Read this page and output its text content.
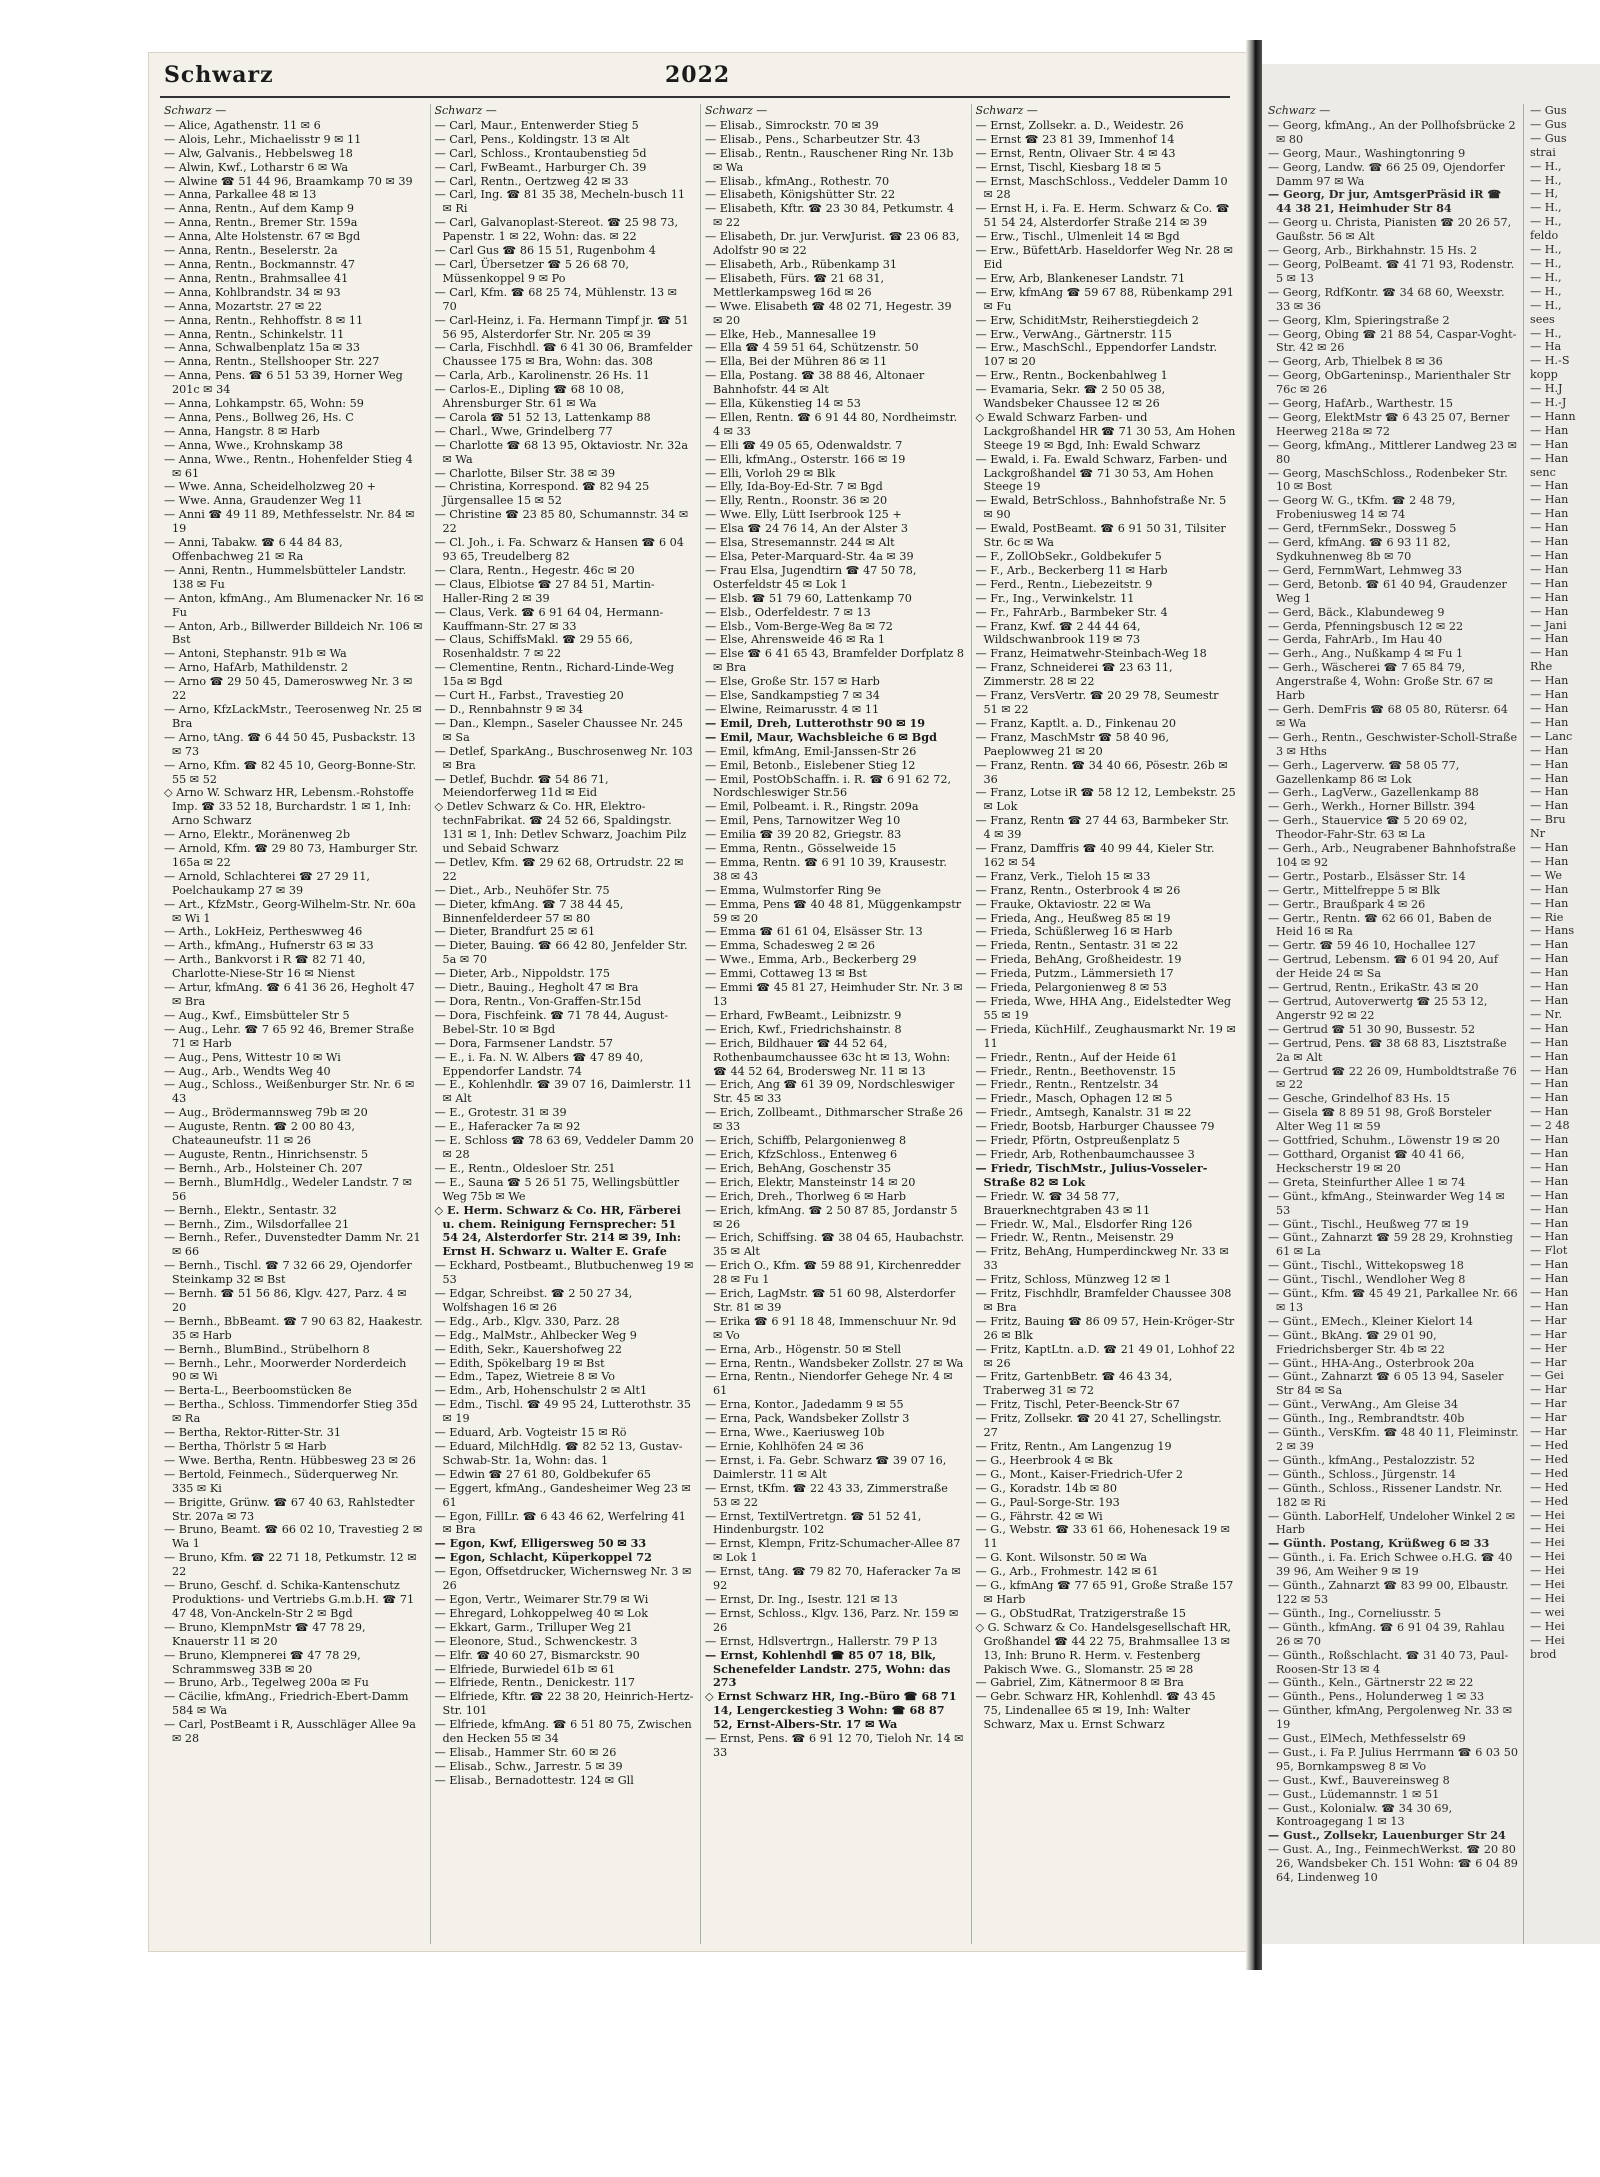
Schwarz	2022
Schwarz —
— Alice, Agathenstr. 11 ✉ 6
— Alois, Lehr., Michaelisstr 9 ✉ 11
— Alw, Galvanis., Hebbelsweg 18
— Alwin, Kwf., Lotharstr 6 ✉ Wa
— Alwine ☎ 51 44 96, Braamkamp 70 ✉ 39
— Anna, Parkallee 48 ✉ 13
— Anna, Rentn., Auf dem Kamp 9
— Anna, Rentn., Bremer Str. 159a
— Anna, Alte Holstenstr. 67 ✉ Bgd
— Anna, Rentn., Beselerstr. 2a
— Anna, Rentn., Bockmannstr. 47
— Anna, Rentn., Brahmsallee 41
— Anna, Kohlbrandstr. 34 ✉ 93
— Anna, Mozartstr. 27 ✉ 22
— Anna, Rentn., Rehhoffstr. 8 ✉ 11
— Anna, Rentn., Schinkelstr. 11
— Anna, Schwalbenplatz 15a ✉ 33
— Anna, Rentn., Stellshooper Str. 227
— Anna, Pens. ☎ 6 51 53 39, Horner Weg 201c ✉ 34
— Anna, Lohkampstr. 65, Wohn: 59
— Anna, Pens., Bollweg 26, Hs. C
— Anna, Hangstr. 8 ✉ Harb
— Anna, Wwe., Krohnskamp 38
— Anna, Wwe., Rentn., Hohenfelder Stieg 4 ✉ 61
— Wwe. Anna, Scheidelholzweg 20 +
— Wwe. Anna, Graudenzer Weg 11
— Anni ☎ 49 11 89, Methfesselstr. Nr. 84 ✉ 19
— Anni, Tabakw. ☎ 6 44 84 83, Offenbachweg 21 ✉ Ra
— Anni, Rentn., Hummelsbütteler Landstr. 138 ✉ Fu
— Anton, kfmAng., Am Blumenacker Nr. 16 ✉ Fu
— Anton, Arb., Billwerder Billdeich Nr. 106 ✉ Bst
— Antoni, Stephanstr. 91b ✉ Wa
— Arno, HafArb, Mathildenstr. 2
— Arno ☎ 29 50 45, Dameroswweg Nr. 3 ✉ 22
— Arno, KfzLackMstr., Teerosenweg Nr. 25 ✉ Bra
— Arno, tAng. ☎ 6 44 50 45, Pusbackstr. 13 ✉ 73
— Arno, Kfm. ☎ 82 45 10, Georg-Bonne-Str. 55 ✉ 52
◇ Arno W. Schwarz HR, Lebensm.-Rohstoffe Imp. ☎ 33 52 18, Burchardstr. 1 ✉ 1, Inh: Arno Schwarz
— Arno, Elektr., Moränenweg 2b
— Arnold, Kfm. ☎ 29 80 73, Hamburger Str. 165a ✉ 22
— Arnold, Schlachterei ☎ 27 29 11, Poelchaukamp 27 ✉ 39
— Art., KfzMstr., Georg-Wilhelm-Str. Nr. 60a ✉ Wi 1
— Arth., LokHeiz, Pertheswweg 46
— Arth., kfmAng., Hufnerstr 63 ✉ 33
— Arth., Bankvorst i R ☎ 82 71 40, Charlotte-Niese-Str 16 ✉ Nienst
— Artur, kfmAng. ☎ 6 41 36 26, Hegholt 47 ✉ Bra
— Aug., Kwf., Eimsbütteler Str 5
— Aug., Lehr. ☎ 7 65 92 46, Bremer Straße 71 ✉ Harb
— Aug., Pens, Wittestr 10 ✉ Wi
— Aug., Arb., Wendts Weg 40
— Aug., Schloss., Weißenburger Str. Nr. 6 ✉ 43
— Aug., Brödermannsweg 79b ✉ 20
— Auguste, Rentn. ☎ 2 00 80 43, Chateauneufstr. 11 ✉ 26
— Auguste, Rentn., Hinrichsenstr. 5
— Bernh., Arb., Holsteiner Ch. 207
— Bernh., BlumHdlg., Wedeler Landstr. 7 ✉ 56
— Bernh., Elektr., Sentastr. 32
— Bernh., Zim., Wilsdorfallee 21
— Bernh., Refer., Duvenstedter Damm Nr. 21 ✉ 66
— Bernh., Tischl. ☎ 7 32 66 29, Ojendorfer Steinkamp 32 ✉ Bst
— Bernh. ☎ 51 56 86, Klgv. 427, Parz. 4 ✉ 20
— Bernh., BbBeamt. ☎ 7 90 63 82, Haakestr. 35 ✉ Harb
— Bernh., BlumBind., Strübelhorn 8
— Bernh., Lehr., Moorwerder Norderdeich 90 ✉ Wi
— Berta-L., Beerboomstücken 8e
— Bertha., Schloss. Timmendorfer Stieg 35d ✉ Ra
— Bertha, Rektor-Ritter-Str. 31
— Bertha, Thörlstr 5 ✉ Harb
— Wwe. Bertha, Rentn. Hübbesweg 23 ✉ 26
— Bertold, Feinmech., Süderquerweg Nr. 335 ✉ Ki
— Brigitte, Grünw. ☎ 67 40 63, Rahlstedter Str. 207a ✉ 73
— Bruno, Beamt. ☎ 66 02 10, Travestieg 2 ✉ Wa 1
— Bruno, Kfm. ☎ 22 71 18, Petkumstr. 12 ✉ 22
— Bruno, Geschf. d. Schika-Kantenschutz Produktions- und Vertriebs G.m.b.H. ☎ 71 47 48, Von-Anckeln-Str 2 ✉ Bgd
— Bruno, KlempnMstr ☎ 47 78 29, Knauerstr 11 ✉ 20
— Bruno, Klempnerei ☎ 47 78 29, Schrammsweg 33B ✉ 20
— Bruno, Arb., Tegelweg 200a ✉ Fu
— Cäcilie, kfmAng., Friedrich-Ebert-Damm 584 ✉ Wa
— Carl, PostBeamt i R, Ausschläger Allee 9a ✉ 28
Schwarz —
— Carl, Maur., Entenwerder Stieg 5
— Carl, Pens., Koldingstr. 13 ✉ Alt
— Carl, Schloss., Krontaubenstieg 5d
— Carl, FwBeamt., Harburger Ch. 39
— Carl, Rentn., Oertzweg 42 ✉ 33
— Carl, Ing. ☎ 81 35 38, Mecheln-busch 11 ✉ Ri
— Carl, Galvanoplast-Stereot. ☎ 25 98 73, Papenstr. 1 ✉ 22, Wohn: das. ✉ 22
— Carl Gus ☎ 86 15 51, Rugenbohm 4
— Carl, Übersetzer ☎ 5 26 68 70, Müssenkoppel 9 ✉ Po
— Carl, Kfm. ☎ 68 25 74, Mühlenstr. 13 ✉ 70
— Carl-Heinz, i. Fa. Hermann Timpf jr. ☎ 51 56 95, Alsterdorfer Str. Nr. 205 ✉ 39
— Carla, Fischhdl. ☎ 6 41 30 06, Bramfelder Chaussee 175 ✉ Bra, Wohn: das. 308
— Carla, Arb., Karolinenstr. 26 Hs. 11
— Carlos-E., Dipling ☎ 68 10 08, Ahrensburger Str. 61 ✉ Wa
— Carola ☎ 51 52 13, Lattenkamp 88
— Charl., Wwe, Grindelberg 77
— Charlotte ☎ 68 13 95, Oktaviostr. Nr. 32a ✉ Wa
— Charlotte, Bilser Str. 38 ✉ 39
— Christina, Korrespond. ☎ 82 94 25 Jürgensallee 15 ✉ 52
— Christine ☎ 23 85 80, Schumannstr. 34 ✉ 22
— Cl. Joh., i. Fa. Schwarz & Hansen ☎ 6 04 93 65, Treudelberg 82
— Clara, Rentn., Hegestr. 46c ✉ 20
— Claus, Elbiotse ☎ 27 84 51, Martin-Haller-Ring 2 ✉ 39
— Claus, Verk. ☎ 6 91 64 04, Hermann-Kauffmann-Str. 27 ✉ 33
— Claus, SchiffsMakl. ☎ 29 55 66, Rosenhaldstr. 7 ✉ 22
— Clementine, Rentn., Richard-Linde-Weg 15a ✉ Bgd
— Curt H., Farbst., Travestieg 20
— D., Rennbahnstr 9 ✉ 34
— Dan., Klempn., Saseler Chaussee Nr. 245 ✉ Sa
— Detlef, SparkAng., Buschrosenweg Nr. 103 ✉ Bra
— Detlef, Buchdr. ☎ 54 86 71, Meiendorferweg 11d ✉ Eid
◇ Detlev Schwarz & Co. HR, Elektro-technFabrikat. ☎ 24 52 66, Spaldingstr. 131 ✉ 1, Inh: Detlev Schwarz, Joachim Pilz und Sebaid Schwarz
— Detlev, Kfm. ☎ 29 62 68, Ortrudstr. 22 ✉ 22
— Diet., Arb., Neuhöfer Str. 75
— Dieter, kfmAng. ☎ 7 38 44 45, Binnenfelderdeer 57 ✉ 80
— Dieter, Brandfurt 25 ✉ 61
— Dieter, Bauing. ☎ 66 42 80, Jenfelder Str. 5a ✉ 70
— Dieter, Arb., Nippoldstr. 175
— Dietr., Bauing., Hegholt 47 ✉ Bra
— Dora, Rentn., Von-Graffen-Str.15d
— Dora, Fischfeink. ☎ 71 78 44, August-Bebel-Str. 10 ✉ Bgd
— Dora, Farmsener Landstr. 57
— E., i. Fa. N. W. Albers ☎ 47 89 40, Eppendorfer Landstr. 74
— E., Kohlenhdlr. ☎ 39 07 16, Daimlerstr. 11 ✉ Alt
— E., Grotestr. 31 ✉ 39
— E., Haferacker 7a ✉ 92
— E. Schloss ☎ 78 63 69, Veddeler Damm 20 ✉ 28
— E., Rentn., Oldesloer Str. 251
— E., Sauna ☎ 5 26 51 75, Wellingsbüttler Weg 75b ✉ We
◇ E. Herm. Schwarz & Co. HR, Färberei u. chem. Reinigung Fernsprecher: 51 54 24, Alsterdorfer Str. 214 ✉ 39, Inh: Ernst H. Schwarz u. Walter E. Grafe
— Eckhard, Postbeamt., Blutbuchenweg 19 ✉ 53
— Edgar, Schreibst. ☎ 2 50 27 34, Wolfshagen 16 ✉ 26
— Edg., Arb., Klgv. 330, Parz. 28
— Edg., MalMstr., Ahlbecker Weg 9
— Edith, Sekr., Kauershofweg 22
— Edith, Spökelbarg 19 ✉ Bst
— Edm., Tapez, Wietreie 8 ✉ Vo
— Edm., Arb, Hohenschulstr 2 ✉ Alt1
— Edm., Tischl. ☎ 49 95 24, Lutterothstr. 35 ✉ 19
— Eduard, Arb. Vogteistr 15 ✉ Rö
— Eduard, MilchHdlg. ☎ 82 52 13, Gustav-Schwab-Str. 1a, Wohn: das. 1
— Edwin ☎ 27 61 80, Goldbekufer 65
— Eggert, kfmAng., Gandesheimer Weg 23 ✉ 61
— Egon, FillLr. ☎ 6 43 46 62, Werfelring 41 ✉ Bra
— Egon, Kwf, Elligersweg 50 ✉ 33
— Egon, Schlacht, Küperkoppel 72
— Egon, Offsetdrucker, Wichernsweg Nr. 3 ✉ 26
— Egon, Vertr., Weimarer Str.79 ✉ Wi
— Ehregard, Lohkoppelweg 40 ✉ Lok
— Ekkart, Garm., Trilluper Weg 21
— Eleonore, Stud., Schwenckestr. 3
— Elfr. ☎ 40 60 27, Bismarckstr. 90
— Elfriede, Burwiedel 61b ✉ 61
— Elfriede, Rentn., Denickestr. 117
— Elfriede, Kftr. ☎ 22 38 20, Heinrich-Hertz-Str. 101
— Elfriede, kfmAng. ☎ 6 51 80 75, Zwischen den Hecken 55 ✉ 34
— Elisab., Hammer Str. 60 ✉ 26
— Elisab., Schw., Jarrestr. 5 ✉ 39
— Elisab., Bernadottestr. 124 ✉ Gll
Schwarz —
— Elisab., Simrockstr. 70 ✉ 39
— Elisab., Pens., Scharbeutzer Str. 43
— Elisab., Rentn., Rauschener Ring Nr. 13b ✉ Wa
— Elisab., kfmAng., Rothestr. 70
— Elisabeth, Königshütter Str. 22
— Elisabeth, Kftr. ☎ 23 30 84, Petkumstr. 4 ✉ 22
— Elisabeth, Dr. jur. VerwJurist. ☎ 23 06 83, Adolfstr 90 ✉ 22
— Elisabeth, Arb., Rübenkamp 31
— Elisabeth, Fürs. ☎ 21 68 31, Mettlerkampsweg 16d ✉ 26
— Wwe. Elisabeth ☎ 48 02 71, Hegestr. 39 ✉ 20
— Elke, Heb., Mannesallee 19
— Ella ☎ 4 59 51 64, Schützenstr. 50
— Ella, Bei der Mühren 86 ✉ 11
— Ella, Postang. ☎ 38 88 46, Altonaer Bahnhofstr. 44 ✉ Alt
— Ella, Kükenstieg 14 ✉ 53
— Ellen, Rentn. ☎ 6 91 44 80, Nordheimstr. 4 ✉ 33
— Elli ☎ 49 05 65, Odenwaldstr. 7
— Elli, kfmAng., Osterstr. 166 ✉ 19
— Elli, Vorloh 29 ✉ Blk
— Elly, Ida-Boy-Ed-Str. 7 ✉ Bgd
— Elly, Rentn., Roonstr. 36 ✉ 20
— Wwe. Elly, Lütt Iserbrook 125 +
— Elsa ☎ 24 76 14, An der Alster 3
— Elsa, Stresemannstr. 244 ✉ Alt
— Elsa, Peter-Marquard-Str. 4a ✉ 39
— Frau Elsa, Jugendtirn ☎ 47 50 78, Osterfeldstr 45 ✉ Lok 1
— Elsb. ☎ 51 79 60, Lattenkamp 70
— Elsb., Oderfeldestr. 7 ✉ 13
— Elsb., Vom-Berge-Weg 8a ✉ 72
— Else, Ahrensweide 46 ✉ Ra 1
— Else ☎ 6 41 65 43, Bramfelder Dorfplatz 8 ✉ Bra
— Else, Große Str. 157 ✉ Harb
— Else, Sandkampstieg 7 ✉ 34
— Elwine, Reimarusstr. 4 ✉ 11
— Emil, Dreh, Lutterothstr 90 ✉ 19
— Emil, Maur, Wachsbleiche 6 ✉ Bgd
— Emil, kfmAng, Emil-Janssen-Str 26
— Emil, Betonb., Eislebener Stieg 12
— Emil, PostObSchaffn. i. R. ☎ 6 91 62 72, Nordschleswiger Str.56
— Emil, Polbeamt. i. R., Ringstr. 209a
— Emil, Pens, Tarnowitzer Weg 10
— Emilia ☎ 39 20 82, Griegstr. 83
— Emma, Rentn., Gösselweide 15
— Emma, Rentn. ☎ 6 91 10 39, Krausestr. 38 ✉ 43
— Emma, Wulmstorfer Ring 9e
— Emma, Pens ☎ 40 48 81, Müggenkampstr 59 ✉ 20
— Emma ☎ 61 61 04, Elsässer Str. 13
— Emma, Schadesweg 2 ✉ 26
— Wwe., Emma, Arb., Beckerberg 29
— Emmi, Cottaweg 13 ✉ Bst
— Emmi ☎ 45 81 27, Heimhuder Str. Nr. 3 ✉ 13
— Erhard, FwBeamt., Leibnizstr. 9
— Erich, Kwf., Friedrichshainstr. 8
— Erich, Bildhauer ☎ 44 52 64, Rothenbaumchaussee 63c ht ✉ 13, Wohn: ☎ 44 52 64, Brodersweg Nr. 11 ✉ 13
— Erich, Ang ☎ 61 39 09, Nordschleswiger Str. 45 ✉ 33
— Erich, Zollbeamt., Dithmarscher Straße 26 ✉ 33
— Erich, Schiffb, Pelargonienweg 8
— Erich, KfzSchloss., Entenweg 6
— Erich, BehAng, Goschenstr 35
— Erich, Elektr, Mansteinstr 14 ✉ 20
— Erich, Dreh., Thorlweg 6 ✉ Harb
— Erich, kfmAng. ☎ 2 50 87 85, Jordanstr 5 ✉ 26
— Erich, Schiffsing. ☎ 38 04 65, Haubachstr. 35 ✉ Alt
— Erich O., Kfm. ☎ 59 88 91, Kirchenredder 28 ✉ Fu 1
— Erich, LagMstr. ☎ 51 60 98, Alsterdorfer Str. 81 ✉ 39
— Erika ☎ 6 91 18 48, Immenschuur Nr. 9d ✉ Vo
— Erna, Arb., Högenstr. 50 ✉ Stell
— Erna, Rentn., Wandsbeker Zollstr. 27 ✉ Wa
— Erna, Rentn., Niendorfer Gehege Nr. 4 ✉ 61
— Erna, Kontor., Jadedamm 9 ✉ 55
— Erna, Pack, Wandsbeker Zollstr 3
— Erna, Wwe., Kaeriusweg 10b
— Ernie, Kohlhöfen 24 ✉ 36
— Ernst, i. Fa. Gebr. Schwarz ☎ 39 07 16, Daimlerstr. 11 ✉ Alt
— Ernst, tKfm. ☎ 22 43 33, Zimmerstraße 53 ✉ 22
— Ernst, TextilVertretgn. ☎ 51 52 41, Hindenburgstr. 102
— Ernst, Klempn, Fritz-Schumacher-Allee 87 ✉ Lok 1
— Ernst, tAng. ☎ 79 82 70, Haferacker 7a ✉ 92
— Ernst, Dr. Ing., Isestr. 121 ✉ 13
— Ernst, Schloss., Klgv. 136, Parz. Nr. 159 ✉ 26
— Ernst, Hdlsvertrgn., Hallerstr. 79 P 13
— Ernst, Kohlenhdl ☎ 85 07 18, Blk, Schenefelder Landstr. 275, Wohn: das 273
◇ Ernst Schwarz HR, Ing.-Büro ☎ 68 71 14, Lengerckestieg 3 Wohn: ☎ 68 87 52, Ernst-Albers-Str. 17 ✉ Wa
— Ernst, Pens. ☎ 6 91 12 70, Tieloh Nr. 14 ✉ 33
Schwarz —
— Ernst, Zollsekr. a. D., Weidestr. 26
— Ernst ☎ 23 81 39, Immenhof 14
— Ernst, Rentn, Olivaer Str. 4 ✉ 43
— Ernst, Tischl, Kiesbarg 18 ✉ 5
— Ernst, MaschSchloss., Veddeler Damm 10 ✉ 28
— Ernst H, i. Fa. E. Herm. Schwarz & Co. ☎ 51 54 24, Alsterdorfer Straße 214 ✉ 39
— Erw., Tischl., Ulmenleit 14 ✉ Bgd
— Erw., BüfettArb. Haseldorfer Weg Nr. 28 ✉ Eid
— Erw, Arb, Blankeneser Landstr. 71
— Erw, kfmAng ☎ 59 67 88, Rübenkamp 291 ✉ Fu
— Erw, SchiditMstr, Reiherstiegdeich 2
— Erw., VerwAng., Gärtnerstr. 115
— Erw., MaschSchl., Eppendorfer Landstr. 107 ✉ 20
— Erw., Rentn., Bockenbahlweg 1
— Evamaria, Sekr. ☎ 2 50 05 38, Wandsbeker Chaussee 12 ✉ 26
◇ Ewald Schwarz Farben- und Lackgroßhandel HR ☎ 71 30 53, Am Hohen Steege 19 ✉ Bgd, Inh: Ewald Schwarz
— Ewald, i. Fa. Ewald Schwarz, Farben- und Lackgroßhandel ☎ 71 30 53, Am Hohen Steege 19
— Ewald, BetrSchloss., Bahnhofstraße Nr. 5 ✉ 90
— Ewald, PostBeamt. ☎ 6 91 50 31, Tilsiter Str. 6c ✉ Wa
— F., ZollObSekr., Goldbekufer 5
— F., Arb., Beckerberg 11 ✉ Harb
— Ferd., Rentn., Liebezeitstr. 9
— Fr., Ing., Verwinkelstr. 11
— Fr., FahrArb., Barmbeker Str. 4
— Franz, Kwf. ☎ 2 44 44 64, Wildschwanbrook 119 ✉ 73
— Franz, Heimatwehr-Steinbach-Weg 18
— Franz, Schneiderei ☎ 23 63 11, Zimmerstr. 28 ✉ 22
— Franz, VersVertr. ☎ 20 29 78, Seumestr 51 ✉ 22
— Franz, Kaptlt. a. D., Finkenau 20
— Franz, MaschMstr ☎ 58 40 96, Paeplowweg 21 ✉ 20
— Franz, Rentn. ☎ 34 40 66, Pösestr. 26b ✉ 36
— Franz, Lotse iR ☎ 58 12 12, Lembekstr. 25 ✉ Lok
— Franz, Rentn ☎ 27 44 63, Barmbeker Str. 4 ✉ 39
— Franz, Damffris ☎ 40 99 44, Kieler Str. 162 ✉ 54
— Franz, Verk., Tieloh 15 ✉ 33
— Franz, Rentn., Osterbrook 4 ✉ 26
— Frauke, Oktaviostr. 22 ✉ Wa
— Frieda, Ang., Heußweg 85 ✉ 19
— Frieda, Schüßlerweg 16 ✉ Harb
— Frieda, Rentn., Sentastr. 31 ✉ 22
— Frieda, BehAng, Großheidestr. 19
— Frieda, Putzm., Lämmersieth 17
— Frieda, Pelargonienweg 8 ✉ 53
— Frieda, Wwe, HHA Ang., Eidelstedter Weg 55 ✉ 19
— Frieda, KüchHilf., Zeughausmarkt Nr. 19 ✉ 11
— Friedr., Rentn., Auf der Heide 61
— Friedr., Rentn., Beethovenstr. 15
— Friedr., Rentn., Rentzelstr. 34
— Friedr., Masch, Ophagen 12 ✉ 5
— Friedr., Amtsegh, Kanalstr. 31 ✉ 22
— Friedr, Bootsb, Harburger Chaussee 79
— Friedr, Pförtn, Ostpreußenplatz 5
— Friedr, Arb, Rothenbaumchaussee 3
— Friedr, TischMstr., Julius-Vosseler-Straße 82 ✉ Lok
— Friedr. W. ☎ 34 58 77, Brauerknechtgraben 43 ✉ 11
— Friedr. W., Mal., Elsdorfer Ring 126
— Friedr. W., Rentn., Meisenstr. 29
— Fritz, BehAng, Humperdinckweg Nr. 33 ✉ 33
— Fritz, Schloss, Münzweg 12 ✉ 1
— Fritz, Fischhdlr, Bramfelder Chaussee 308 ✉ Bra
— Fritz, Bauing ☎ 86 09 57, Hein-Kröger-Str 26 ✉ Blk
— Fritz, KaptLtn. a.D. ☎ 21 49 01, Lohhof 22 ✉ 26
— Fritz, GartenbBetr. ☎ 46 43 34, Traberweg 31 ✉ 72
— Fritz, Tischl, Peter-Beenck-Str 67
— Fritz, Zollsekr. ☎ 20 41 27, Schellingstr. 27
— Fritz, Rentn., Am Langenzug 19
— G., Heerbrook 4 ✉ Bk
— G., Mont., Kaiser-Friedrich-Ufer 2
— G., Koradstr. 14b ✉ 80
— G., Paul-Sorge-Str. 193
— G., Fährstr. 42 ✉ Wi
— G., Webstr. ☎ 33 61 66, Hohenesack 19 ✉ 11
— G. Kont. Wilsonstr. 50 ✉ Wa
— G., Arb., Frohmestr. 142 ✉ 61
— G., kfmAng ☎ 77 65 91, Große Straße 157 ✉ Harb
— G., ObStudRat, Tratzigerstraße 15
◇ G. Schwarz & Co. Handelsgesellschaft HR, Großhandel ☎ 44 22 75, Brahmsallee 13 ✉ 13, Inh: Bruno R. Herm. v. Festenberg Pakisch Wwe. G., Slomanstr. 25 ✉ 28
— Gabriel, Zim, Kätnermoor 8 ✉ Bra
— Gebr. Schwarz HR, Kohlenhdl. ☎ 43 45 75, Lindenallee 65 ✉ 19, Inh: Walter Schwarz, Max u. Ernst Schwarz
Schwarz —
— Georg, kfmAng., An der Pollhofsbrücke 2 ✉ 80
— Georg, Maur., Washingtonring 9
— Georg, Landw. ☎ 66 25 09, Ojendorfer Damm 97 ✉ Wa
— Georg, Dr jur, AmtsgerPräsid iR ☎ 44 38 21, Heimhuder Str 84
— Georg u. Christa, Pianisten ☎ 20 26 57, Gaußstr. 56 ✉ Alt
— Georg, Arb., Birkhahnstr. 15 Hs. 2
— Georg, PolBeamt. ☎ 41 71 93, Rodenstr. 5 ✉ 13
— Georg, RdfKontr. ☎ 34 68 60, Weexstr. 33 ✉ 36
— Georg, Klm, Spieringstraße 2
— Georg, Obing ☎ 21 88 54, Caspar-Voght-Str. 42 ✉ 26
— Georg, Arb, Thielbek 8 ✉ 36
— Georg, ObGarteninsp., Marienthaler Str 76c ✉ 26
— Georg, HafArb., Warthestr. 15
— Georg, ElektMstr ☎ 6 43 25 07, Berner Heerweg 218a ✉ 72
— Georg, kfmAng., Mittlerer Landweg 23 ✉ 80
— Georg, MaschSchloss., Rodenbeker Str. 10 ✉ Bost
— Georg W. G., tKfm. ☎ 2 48 79, Frobeniusweg 14 ✉ 74
— Gerd, tFernmSekr., Dossweg 5
— Gerd, kfmAng. ☎ 6 93 11 82, Sydkuhnenweg 8b ✉ 70
— Gerd, FernmWart, Lehmweg 33
— Gerd, Betonb. ☎ 61 40 94, Graudenzer Weg 1
— Gerd, Bäck., Klabundeweg 9
— Gerda, Pfenningsbusch 12 ✉ 22
— Gerda, FahrArb., Im Hau 40
— Gerh., Ang., Nußkamp 4 ✉ Fu 1
— Gerh., Wäscherei ☎ 7 65 84 79, Angerstraße 4, Wohn: Große Str. 67 ✉ Harb
— Gerh. DemFris ☎ 68 05 80, Rütersr. 64 ✉ Wa
— Gerh., Rentn., Geschwister-Scholl-Straße 3 ✉ Hths
— Gerh., Lagerverw. ☎ 58 05 77, Gazellenkamp 86 ✉ Lok
— Gerh., LagVerw., Gazellenkamp 88
— Gerh., Werkh., Horner Billstr. 394
— Gerh., Stauervice ☎ 5 20 69 02, Theodor-Fahr-Str. 63 ✉ La
— Gerh., Arb., Neugrabener Bahnhofstraße 104 ✉ 92
— Gertr., Postarb., Elsässer Str. 14
— Gertr., Mittelfreppe 5 ✉ Blk
— Gertr., Braußpark 4 ✉ 26
— Gertr., Rentn. ☎ 62 66 01, Baben de Heid 16 ✉ Ra
— Gertr. ☎ 59 46 10, Hochallee 127
— Gertrud, Lebensm. ☎ 6 01 94 20, Auf der Heide 24 ✉ Sa
— Gertrud, Rentn., ErikaStr. 43 ✉ 20
— Gertrud, Autoverwertg ☎ 25 53 12, Angerstr 92 ✉ 22
— Gertrud ☎ 51 30 90, Bussestr. 52
— Gertrud, Pens. ☎ 38 68 83, Lisztstraße 2a ✉ Alt
— Gertrud ☎ 22 26 09, Humboldtstraße 76 ✉ 22
— Gesche, Grindelhof 83 Hs. 15
— Gisela ☎ 8 89 51 98, Groß Borsteler Alter Weg 11 ✉ 59
— Gottfried, Schuhm., Löwenstr 19 ✉ 20
— Gotthard, Organist ☎ 40 41 66, Heckscherstr 19 ✉ 20
— Greta, Steinfurther Allee 1 ✉ 74
— Günt., kfmAng., Steinwarder Weg 14 ✉ 53
— Günt., Tischl., Heußweg 77 ✉ 19
— Günt., Zahnarzt ☎ 59 28 29, Krohnstieg 61 ✉ La
— Günt., Tischl., Wittekopsweg 18
— Günt., Tischl., Wendloher Weg 8
— Günt., Kfm. ☎ 45 49 21, Parkallee Nr. 66 ✉ 13
— Günt., EMech., Kleiner Kielort 14
— Günt., BkAng. ☎ 29 01 90, Friedrichsberger Str. 4b ✉ 22
— Günt., HHA-Ang., Osterbrook 20a
— Günt., Zahnarzt ☎ 6 05 13 94, Saseler Str 84 ✉ Sa
— Günt., VerwAng., Am Gleise 34
— Günth., Ing., Rembrandtstr. 40b
— Günth., VersKfm. ☎ 48 40 11, Fleiminstr. 2 ✉ 39
— Günth., kfmAng., Pestalozzistr. 52
— Günth., Schloss., Jürgenstr. 14
— Günth., Schloss., Rissener Landstr. Nr. 182 ✉ Ri
— Günth. LaborHelf, Undeloher Winkel 2 ✉ Harb
— Günth. Postang, Krüßweg 6 ✉ 33
— Günth., i. Fa. Erich Schwee o.H.G. ☎ 40 39 96, Am Weiher 9 ✉ 19
— Günth., Zahnarzt ☎ 83 99 00, Elbaustr. 122 ✉ 53
— Günth., Ing., Corneliusstr. 5
— Günth., kfmAng. ☎ 6 91 04 39, Rahlau 26 ✉ 70
— Günth., Roßschlacht. ☎ 31 40 73, Paul-Roosen-Str 13 ✉ 4
— Günth., Keln., Gärtnerstr 22 ✉ 22
— Günth., Pens., Holunderweg 1 ✉ 33
— Günther, kfmAng, Pergolenweg Nr. 33 ✉ 19
— Gust., ElMech, Methfesselstr 69
— Gust., i. Fa P. Julius Herrmann ☎ 6 03 50 95, Bornkampsweg 8 ✉ Vo
— Gust., Kwf., Bauvereinsweg 8
— Gust., Lüdemannstr. 1 ✉ 51
— Gust., Kolonialw. ☎ 34 30 69, Kontroagegang 1 ✉ 13
— Gust., Zollsekr, Lauenburger Str 24
— Gust. A., Ing., FeinmechWerkst. ☎ 20 80 26, Wandsbeker Ch. 151 Wohn: ☎ 6 04 89 64, Lindenweg 10
— Gus
— Gus
— Gus
strai
— H.,
— H.,
— H,
— H.,
— H.,
feldo
— H.,
— H.,
— H.,
— H.,
— H.,
sees
— H.,
— Ha
— H.-S
kopp
— H.J
— H.-J
— Hann
— Han
— Han
— Han
senc
— Han
— Han
— Han
— Han
— Han
— Han
— Han
— Han
— Han
— Han
— Jani
— Han
— Han
Rhe
— Han
— Han
— Han
— Han
— Lanc
— Han
— Han
— Han
— Han
— Han
— Bru
Nr
— Han
— Han
— We
— Han
— Han
— Rie
— Hans
— Han
— Han
— Han
— Han
— Han
— Nr.
— Han
— Han
— Han
— Han
— Han
— Han
— Han
— 2 48
— Han
— Han
— Han
— Han
— Han
— Han
— Han
— Han
— Flot
— Han
— Han
— Han
— Han
— Har
— Har
— Her
— Har
— Gei
— Har
— Har
— Har
— Har
— Hed
— Hed
— Hed
— Hed
— Hed
— Hei
— Hei
— Hei
— Hei
— Hei
— Hei
— Hei
— wei
— Hei
— Hei
brod
